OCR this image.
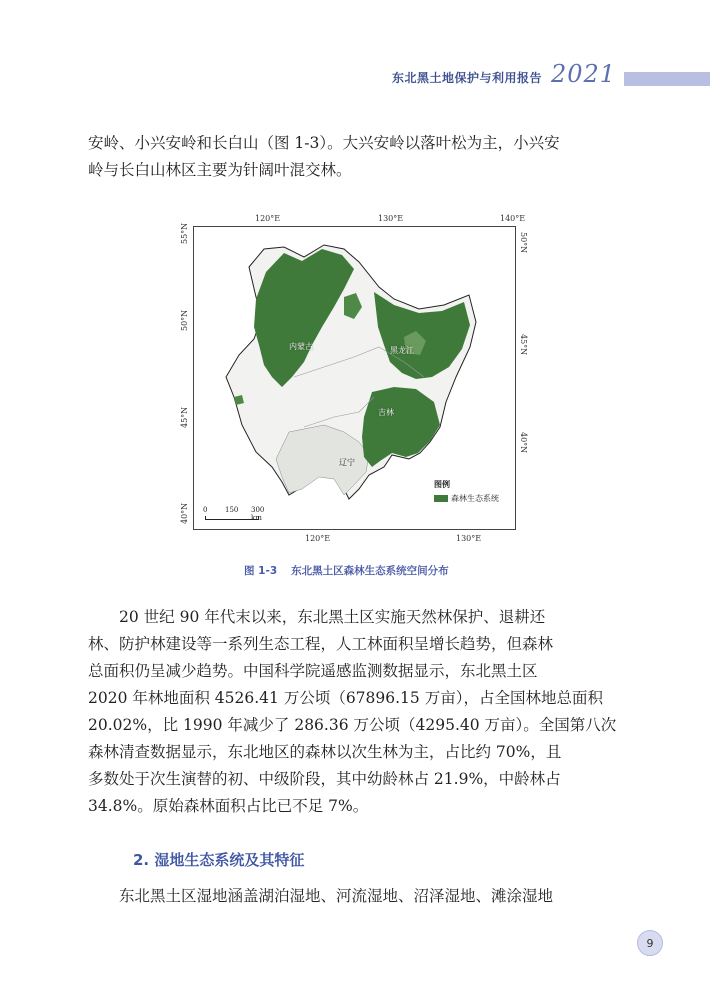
东北黑土地保护与利用报告 2021
安岭、小兴安岭和长白山（图 1-3）。大兴安岭以落叶松为主，小兴安
岭与长白山林区主要为针阔叶混交林。
120°E	130°E	140°E
120°E	130°E
55°N
50°N
45°N
40°N
50°N
45°N
40°N
内蒙古	黑龙江
吉林
辽宁
图例
森林生态系统
0	150 300 km
图 1-3 东北黑土区森林生态系统空间分布
20 世纪 90 年代末以来，东北黑土区实施天然林保护、退耕还
林、防护林建设等一系列生态工程，人工林面积呈增长趋势，但森林
总面积仍呈减少趋势。中国科学院遥感监测数据显示，东北黑土区
2020 年林地面积 4526.41 万公顷（67896.15 万亩），占全国林地总面积
20.02%，比 1990 年减少了 286.36 万公顷（4295.40 万亩）。全国第八次
森林清查数据显示，东北地区的森林以次生林为主，占比约 70%，且
多数处于次生演替的初、中级阶段，其中幼龄林占 21.9%，中龄林占
34.8%。原始森林面积占比已不足 7%。
2. 湿地生态系统及其特征
东北黑土区湿地涵盖湖泊湿地、河流湿地、沼泽湿地、滩涂湿地
9
